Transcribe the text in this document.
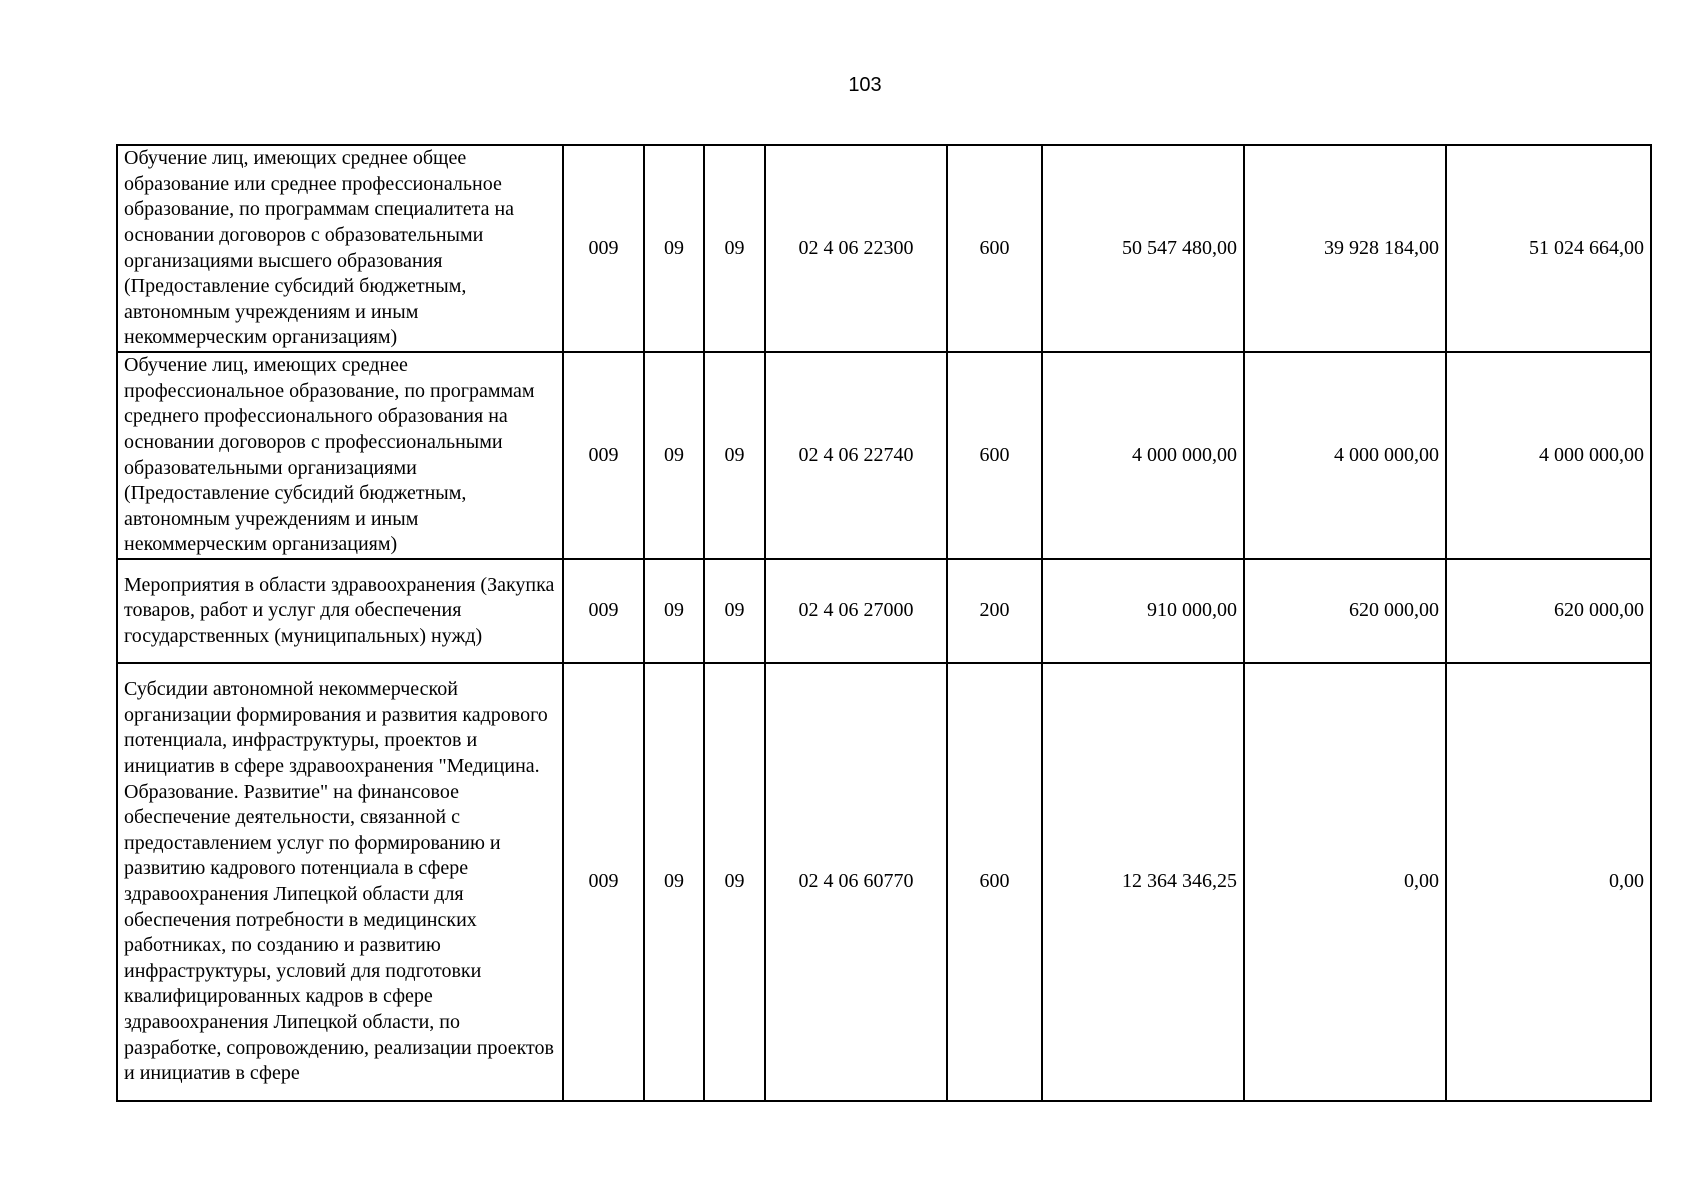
103
Обучение лиц, имеющих среднее общее образование или среднее профессиональное образование, по программам специалитета на основании договоров с образовательными организациями высшего образования (Предоставление субсидий бюджетным, автономным учреждениям и иным некоммерческим организациям)	009	09	09	02 4 06 22300	600	50 547 480,00	39 928 184,00	51 024 664,00
Обучение лиц, имеющих среднее профессиональное образование, по программам среднего профессионального образования на основании договоров с профессиональными образовательными организациями (Предоставление субсидий бюджетным, автономным учреждениям и иным некоммерческим организациям)	009	09	09	02 4 06 22740	600	4 000 000,00	4 000 000,00	4 000 000,00
Мероприятия в области здравоохранения (Закупка товаров, работ и услуг для обеспечения государственных (муниципальных) нужд)	009	09	09	02 4 06 27000	200	910 000,00	620 000,00	620 000,00
Субсидии автономной некоммерческой организации формирования и развития кадрового потенциала, инфраструктуры, проектов и инициатив в сфере здравоохранения "Медицина. Образование. Развитие" на финансовое обеспечение деятельности, связанной с предоставлением услуг по формированию и развитию кадрового потенциала в сфере здравоохранения Липецкой области для обеспечения потребности в медицинских работниках, по созданию и развитию инфраструктуры, условий для подготовки квалифицированных кадров в сфере здравоохранения Липецкой области, по разработке, сопровождению, реализации проектов и инициатив в сфере	009	09	09	02 4 06 60770	600	12 364 346,25	0,00	0,00
